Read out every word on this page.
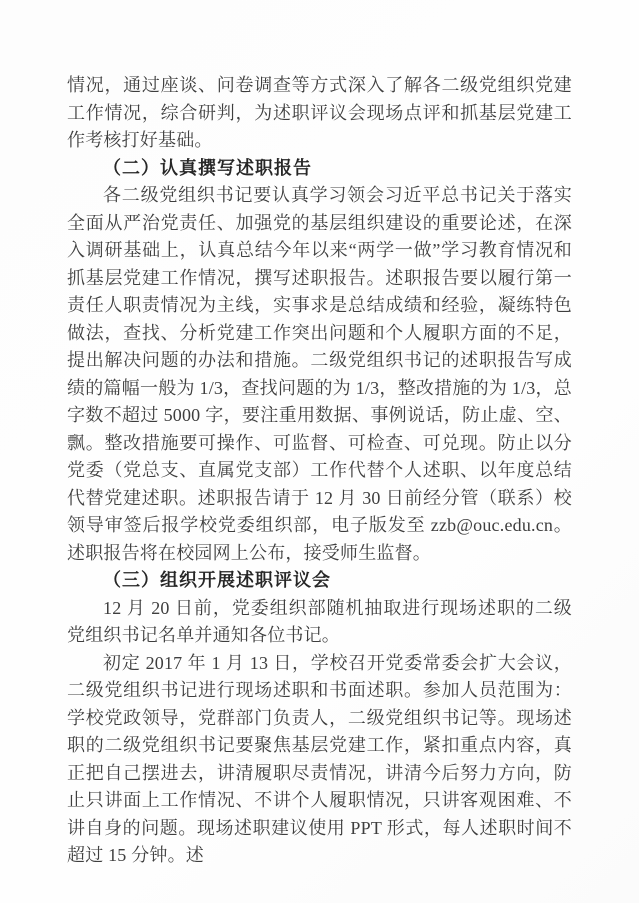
情况，通过座谈、问卷调查等方式深入了解各二级党组织党建工作情况，综合研判，为述职评议会现场点评和抓基层党建工作考核打好基础。

（二）认真撰写述职报告

各二级党组织书记要认真学习领会习近平总书记关于落实全面从严治党责任、加强党的基层组织建设的重要论述，在深入调研基础上，认真总结今年以来“两学一做”学习教育情况和抓基层党建工作情况，撰写述职报告。述职报告要以履行第一责任人职责情况为主线，实事求是总结成绩和经验，凝练特色做法，查找、分析党建工作突出问题和个人履职方面的不足，提出解决问题的办法和措施。二级党组织书记的述职报告写成绩的篇幅一般为 1/3，查找问题的为 1/3，整改措施的为 1/3，总字数不超过 5000 字，要注重用数据、事例说话，防止虚、空、飘。整改措施要可操作、可监督、可检查、可兑现。防止以分党委（党总支、直属党支部）工作代替个人述职、以年度总结代替党建述职。述职报告请于 12 月 30 日前经分管（联系）校领导审签后报学校党委组织部，电子版发至 zzb@ouc.edu.cn。述职报告将在校园网上公布，接受师生监督。

（三）组织开展述职评议会

12 月 20 日前，党委组织部随机抽取进行现场述职的二级党组织书记名单并通知各位书记。

初定 2017 年 1 月 13 日，学校召开党委常委会扩大会议，二级党组织书记进行现场述职和书面述职。参加人员范围为：学校党政领导，党群部门负责人，二级党组织书记等。现场述职的二级党组织书记要聚焦基层党建工作，紧扣重点内容，真正把自己摆进去，讲清履职尽责情况，讲清今后努力方向，防止只讲面上工作情况、不讲个人履职情况，只讲客观困难、不讲自身的问题。现场述职建议使用 PPT 形式，每人述职时间不超过 15 分钟。述
